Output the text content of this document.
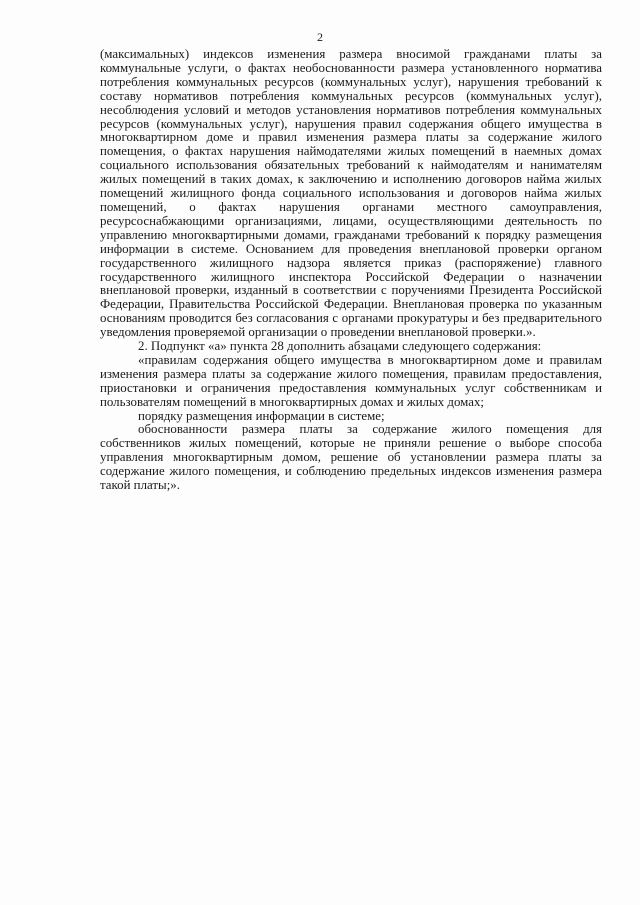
2

(максимальных) индексов изменения размера вносимой гражданами платы за коммунальные услуги, о фактах необоснованности размера установленного норматива потребления коммунальных ресурсов (коммунальных услуг), нарушения требований к составу нормативов потребления коммунальных ресурсов (коммунальных услуг), несоблюдения условий и методов установления нормативов потребления коммунальных ресурсов (коммунальных услуг), нарушения правил содержания общего имущества в многоквартирном доме и правил изменения размера платы за содержание жилого помещения, о фактах нарушения наймодателями жилых помещений в наемных домах социального использования обязательных требований к наймодателям и нанимателям жилых помещений в таких домах, к заключению и исполнению договоров найма жилых помещений жилищного фонда социального использования и договоров найма жилых помещений, о фактах нарушения органами местного самоуправления, ресурсоснабжающими организациями, лицами, осуществляющими деятельность по управлению многоквартирными домами, гражданами требований к порядку размещения информации в системе. Основанием для проведения внеплановой проверки органом государственного жилищного надзора является приказ (распоряжение) главного государственного жилищного инспектора Российской Федерации о назначении внеплановой проверки, изданный в соответствии с поручениями Президента Российской Федерации, Правительства Российской Федерации. Внеплановая проверка по указанным основаниям проводится без согласования с органами прокуратуры и без предварительного уведомления проверяемой организации о проведении внеплановой проверки.».

2. Подпункт «а» пункта 28 дополнить абзацами следующего содержания:

«правилам содержания общего имущества в многоквартирном доме и правилам изменения размера платы за содержание жилого помещения, правилам предоставления, приостановки и ограничения предоставления коммунальных услуг собственникам и пользователям помещений в многоквартирных домах и жилых домах;

порядку размещения информации в системе;

обоснованности размера платы за содержание жилого помещения для собственников жилых помещений, которые не приняли решение о выборе способа управления многоквартирным домом, решение об установлении размера платы за содержание жилого помещения, и соблюдению предельных индексов изменения размера такой платы;».
